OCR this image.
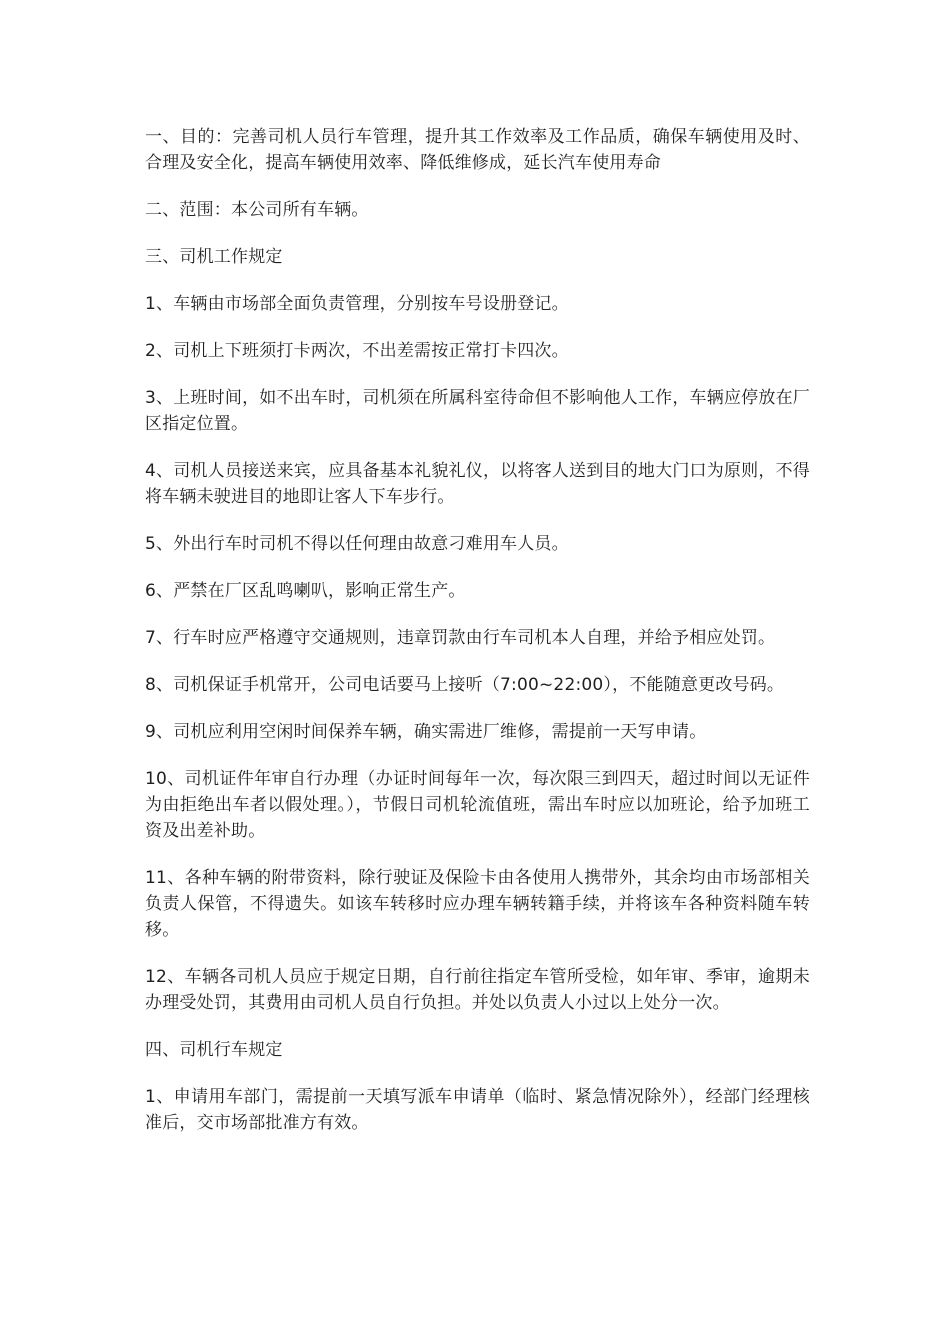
一、目的：完善司机人员行车管理，提升其工作效率及工作品质，确保车辆使用及时、合理及安全化，提高车辆使用效率、降低维修成，延长汽车使用寿命

二、范围：本公司所有车辆。

三、司机工作规定

1、车辆由市场部全面负责管理，分别按车号设册登记。

2、司机上下班须打卡两次，不出差需按正常打卡四次。

3、上班时间，如不出车时，司机须在所属科室待命但不影响他人工作，车辆应停放在厂区指定位置。

4、司机人员接送来宾，应具备基本礼貌礼仪，以将客人送到目的地大门口为原则，不得将车辆未驶进目的地即让客人下车步行。

5、外出行车时司机不得以任何理由故意刁难用车人员。

6、严禁在厂区乱鸣喇叭，影响正常生产。

7、行车时应严格遵守交通规则，违章罚款由行车司机本人自理，并给予相应处罚。

8、司机保证手机常开，公司电话要马上接听（7:00~22:00），不能随意更改号码。

9、司机应利用空闲时间保养车辆，确实需进厂维修，需提前一天写申请。

10、司机证件年审自行办理（办证时间每年一次，每次限三到四天，超过时间以无证件为由拒绝出车者以假处理。），节假日司机轮流值班，需出车时应以加班论，给予加班工资及出差补助。

11、各种车辆的附带资料，除行驶证及保险卡由各使用人携带外，其余均由市场部相关负责人保管，不得遗失。如该车转移时应办理车辆转籍手续，并将该车各种资料随车转移。

12、车辆各司机人员应于规定日期，自行前往指定车管所受检，如年审、季审，逾期未办理受处罚，其费用由司机人员自行负担。并处以负责人小过以上处分一次。

四、司机行车规定

1、申请用车部门，需提前一天填写派车申请单（临时、紧急情况除外），经部门经理核准后，交市场部批准方有效。
